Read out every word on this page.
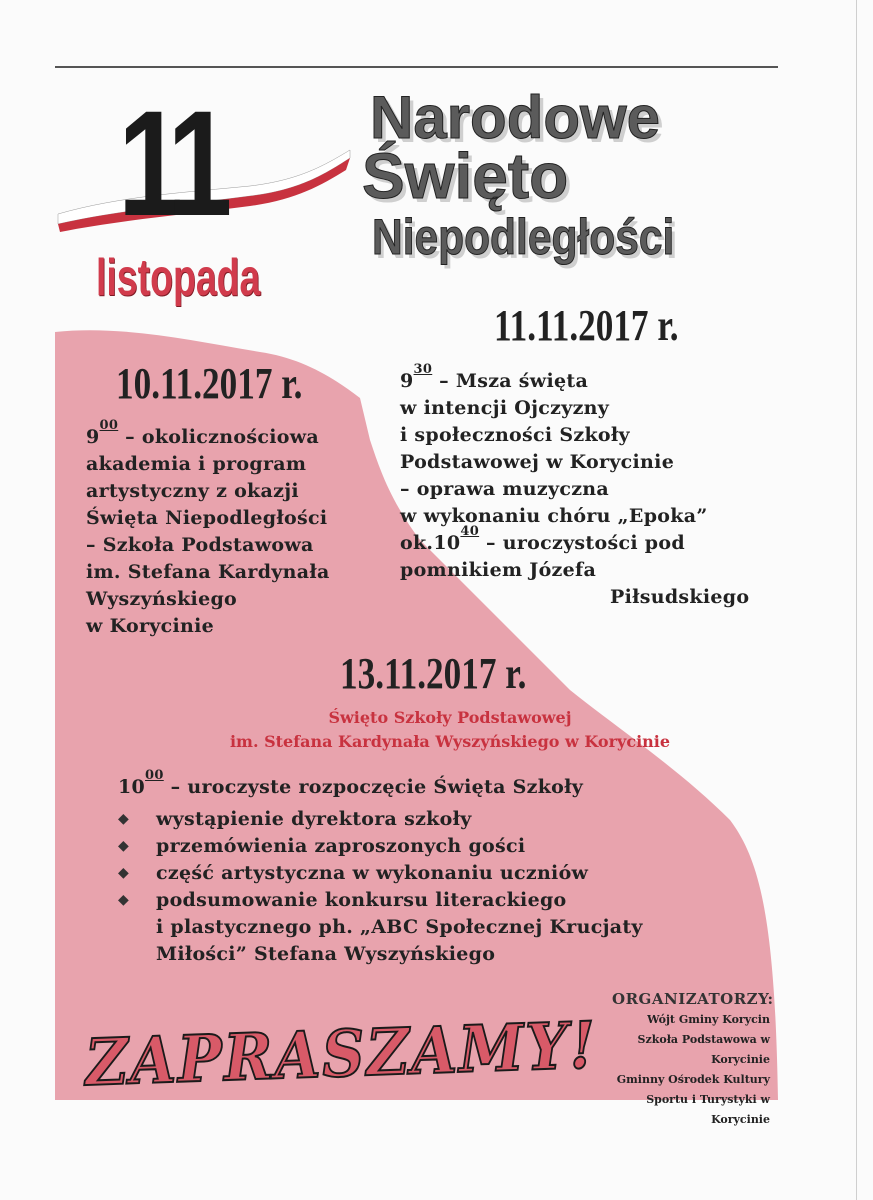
11
listopada
Narodowe
Święto
Niepodległości
11.11.2017 r.
10.11.2017 r.
$9^{00}$ – okolicznościowa
akademia i program
artystyczny z okazji
Święta Niepodległości
– Szkoła Podstawowa
im. Stefana Kardynała
Wyszyńskiego
w Korycinie
$9^{30}$ – Msza święta
w intencji Ojczyzny
i społeczności Szkoły
Podstawowej w Korycinie
– oprawa muzyczna
w wykonaniu chóru „Epoka”
$ok.10^{40}$ – uroczystości pod
pomnikiem Józefa
Piłsudskiego
13.11.2017 r.
Święto Szkoły Podstawowej
im. Stefana Kardynała Wyszyńskiego w Korycinie
$10^{00}$ – uroczyste rozpoczęcie Święta Szkoły
◆ wystąpienie dyrektora szkoły
◆ przemówienia zaproszonych gości
◆ część artystyczna w wykonaniu uczniów
◆ podsumowanie konkursu literackiego
i plastycznego ph. „ABC Społecznej Krucjaty
Miłości” Stefana Wyszyńskiego
ORGANIZATORZY:
Wójt Gminy Korycin
Szkoła Podstawowa w Korycinie
Gminny Ośrodek Kultury
Sportu i Turystyki w Korycinie
ZAPRASZAMY!
